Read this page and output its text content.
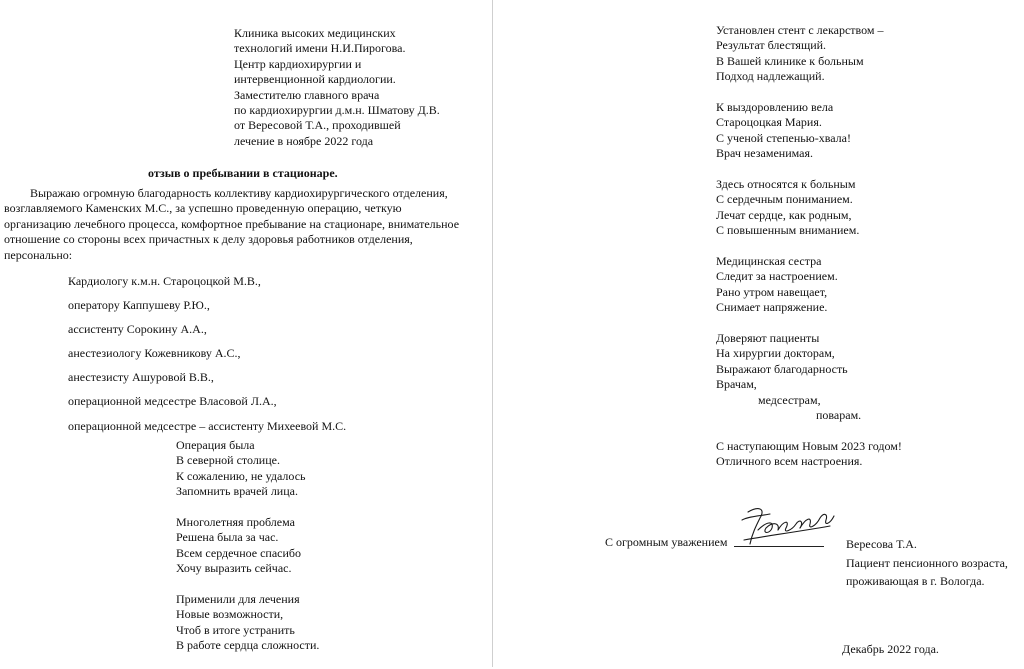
Клиника высоких медицинских
технологий имени Н.И.Пирогова.
Центр кардиохирургии и
интервенционной кардиологии.
Заместителю главного врача
по кардиохирургии д.м.н. Шматову Д.В.
от Вересовой Т.А., проходившей
лечение в ноябре 2022 года
отзыв о пребывании в стационаре.
Выражаю огромную благодарность коллективу кардиохирургического отделения,
возглавляемого Каменских М.С., за успешно проведенную операцию, четкую
организацию лечебного процесса, комфортное пребывание на стационаре, внимательное
отношение со стороны всех причастных к делу здоровья работников отделения,
персонально:
Кардиологу к.м.н. Староцоцкой М.В.,
оператору Каппушеву Р.Ю.,
ассистенту Сорокину А.А.,
анестезиологу Кожевникову А.С.,
анестезисту Ашуровой В.В.,
операционной медсестре Власовой Л.А.,
операционной медсестре – ассистенту Михеевой М.С.
Операция была
В северной столице.
К сожалению, не удалось
Запомнить врачей лица.
Многолетняя проблема
Решена была за час.
Всем сердечное спасибо
Хочу выразить сейчас.
Применили для лечения
Новые возможности,
Чтоб в итоге устранить
В работе сердца сложности.
Установлен стент с лекарством –
Результат блестящий.
В Вашей клинике к больным
Подход надлежащий.
К выздоровлению вела
Староцоцкая Мария.
С ученой степенью-хвала!
Врач незаменимая.
Здесь относятся к больным
С сердечным пониманием.
Лечат сердце, как родным,
С повышенным вниманием.
Медицинская сестра
Следит за настроением.
Рано утром навещает,
Снимает напряжение.
Доверяют пациенты
На хирургии докторам,
Выражают благодарность
Врачам,
медсестрам,
поварам.
С наступающим Новым 2023 годом!
Отличного всем настроения.
С огромным уважением	Вересова Т.А.
Пациент пенсионного возраста,
проживающая в г. Вологда.
Декабрь 2022 года.
